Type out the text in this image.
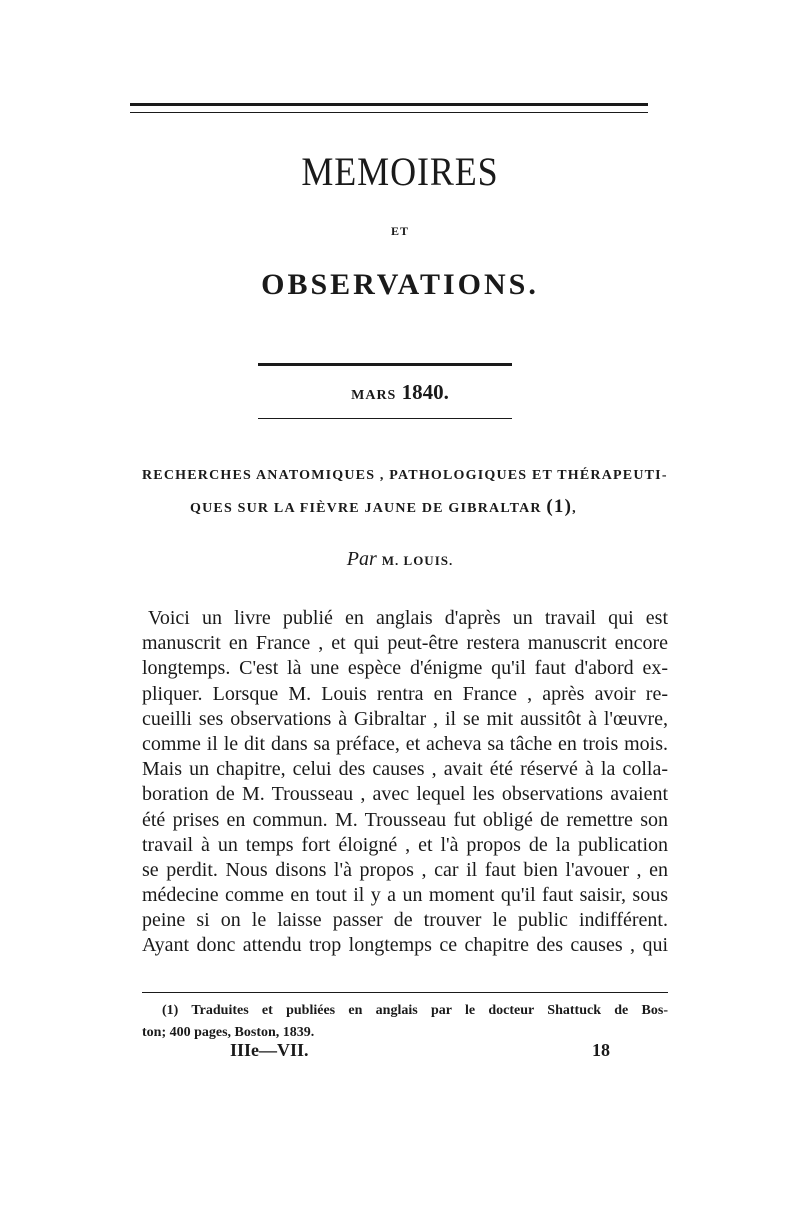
MEMOIRES
ET
OBSERVATIONS.
MARS 1840.
RECHERCHES ANATOMIQUES , PATHOLOGIQUES ET THÉRAPEUTI-
QUES SUR LA FIÈVRE JAUNE DE GIBRALTAR (1),
Par M. LOUIS.
Voici un livre publié en anglais d'après un travail qui est
manuscrit en France , et qui peut-être restera manuscrit encore
longtemps. C'est là une espèce d'énigme qu'il faut d'abord ex-
pliquer. Lorsque M. Louis rentra en France , après avoir re-
cueilli ses observations à Gibraltar , il se mit aussitôt à l'œuvre,
comme il le dit dans sa préface, et acheva sa tâche en trois mois.
Mais un chapitre, celui des causes , avait été réservé à la colla-
boration de M. Trousseau , avec lequel les observations avaient
été prises en commun. M. Trousseau fut obligé de remettre son
travail à un temps fort éloigné , et l'à propos de la publication
se perdit. Nous disons l'à propos , car il faut bien l'avouer , en
médecine comme en tout il y a un moment qu'il faut saisir, sous
peine si on le laisse passer de trouver le public indifférent.
Ayant donc attendu trop longtemps ce chapitre des causes , qui
(1) Traduites et publiées en anglais par le docteur Shattuck de Bos-
ton; 400 pages, Boston, 1839.
IIIe—VII.	18
